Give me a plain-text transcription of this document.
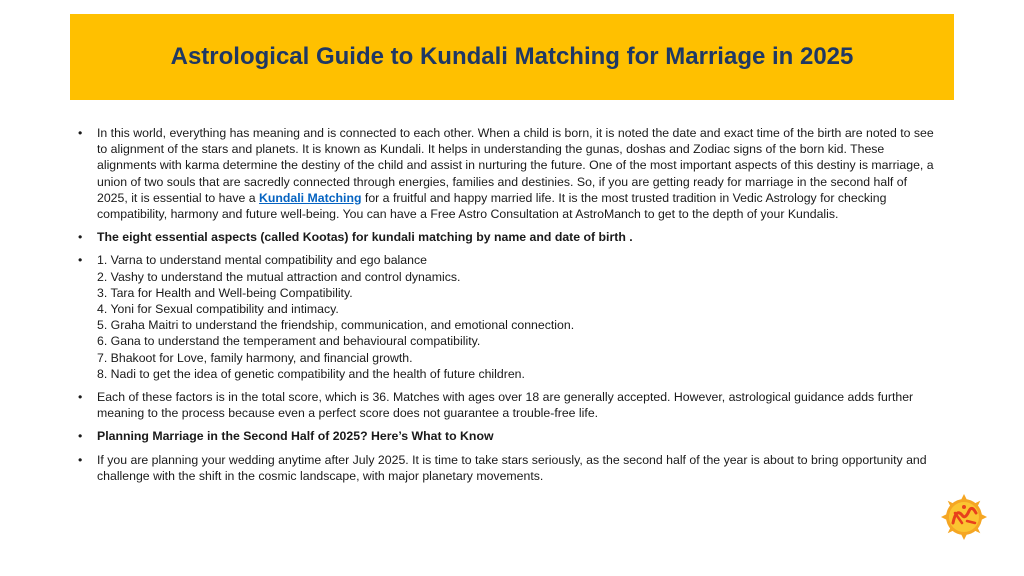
Astrological Guide to Kundali Matching for Marriage in 2025
•	In this world, everything has meaning and is connected to each other. When a child is born, it is noted the date and exact time of the birth are noted to see to alignment of the stars and planets. It is known as Kundali. It helps in understanding the gunas, doshas and Zodiac signs of the born kid. These alignments with karma determine the destiny of the child and assist in nurturing the future. One of the most important aspects of this destiny is marriage, a union of two souls that are sacredly connected through energies, families and destinies. So, if you are getting ready for marriage in the second half of 2025, it is essential to have a Kundali Matching for a fruitful and happy married life. It is the most trusted tradition in Vedic Astrology for checking compatibility, harmony and future well-being. You can have a Free Astro Consultation at AstroManch to get to the depth of your Kundalis.
•	The eight essential aspects (called Kootas) for kundali matching by name and date of birth .
•	1. Varna to understand mental compatibility and ego balance
2. Vashy to understand the mutual attraction and control dynamics.
3. Tara for Health and Well-being Compatibility.
4. Yoni for Sexual compatibility and intimacy.
5. Graha Maitri to understand the friendship, communication, and emotional connection.
6. Gana to understand the temperament and behavioural compatibility.
7. Bhakoot for Love, family harmony, and financial growth.
8. Nadi to get the idea of genetic compatibility and the health of future children.
•	Each of these factors is in the total score, which is 36. Matches with ages over 18 are generally accepted. However, astrological guidance adds further meaning to the process because even a perfect score does not guarantee a trouble-free life.
•	Planning Marriage in the Second Half of 2025? Here’s What to Know
•	If you are planning your wedding anytime after July 2025. It is time to take stars seriously, as the second half of the year is about to bring opportunity and challenge with the shift in the cosmic landscape, with major planetary movements.
